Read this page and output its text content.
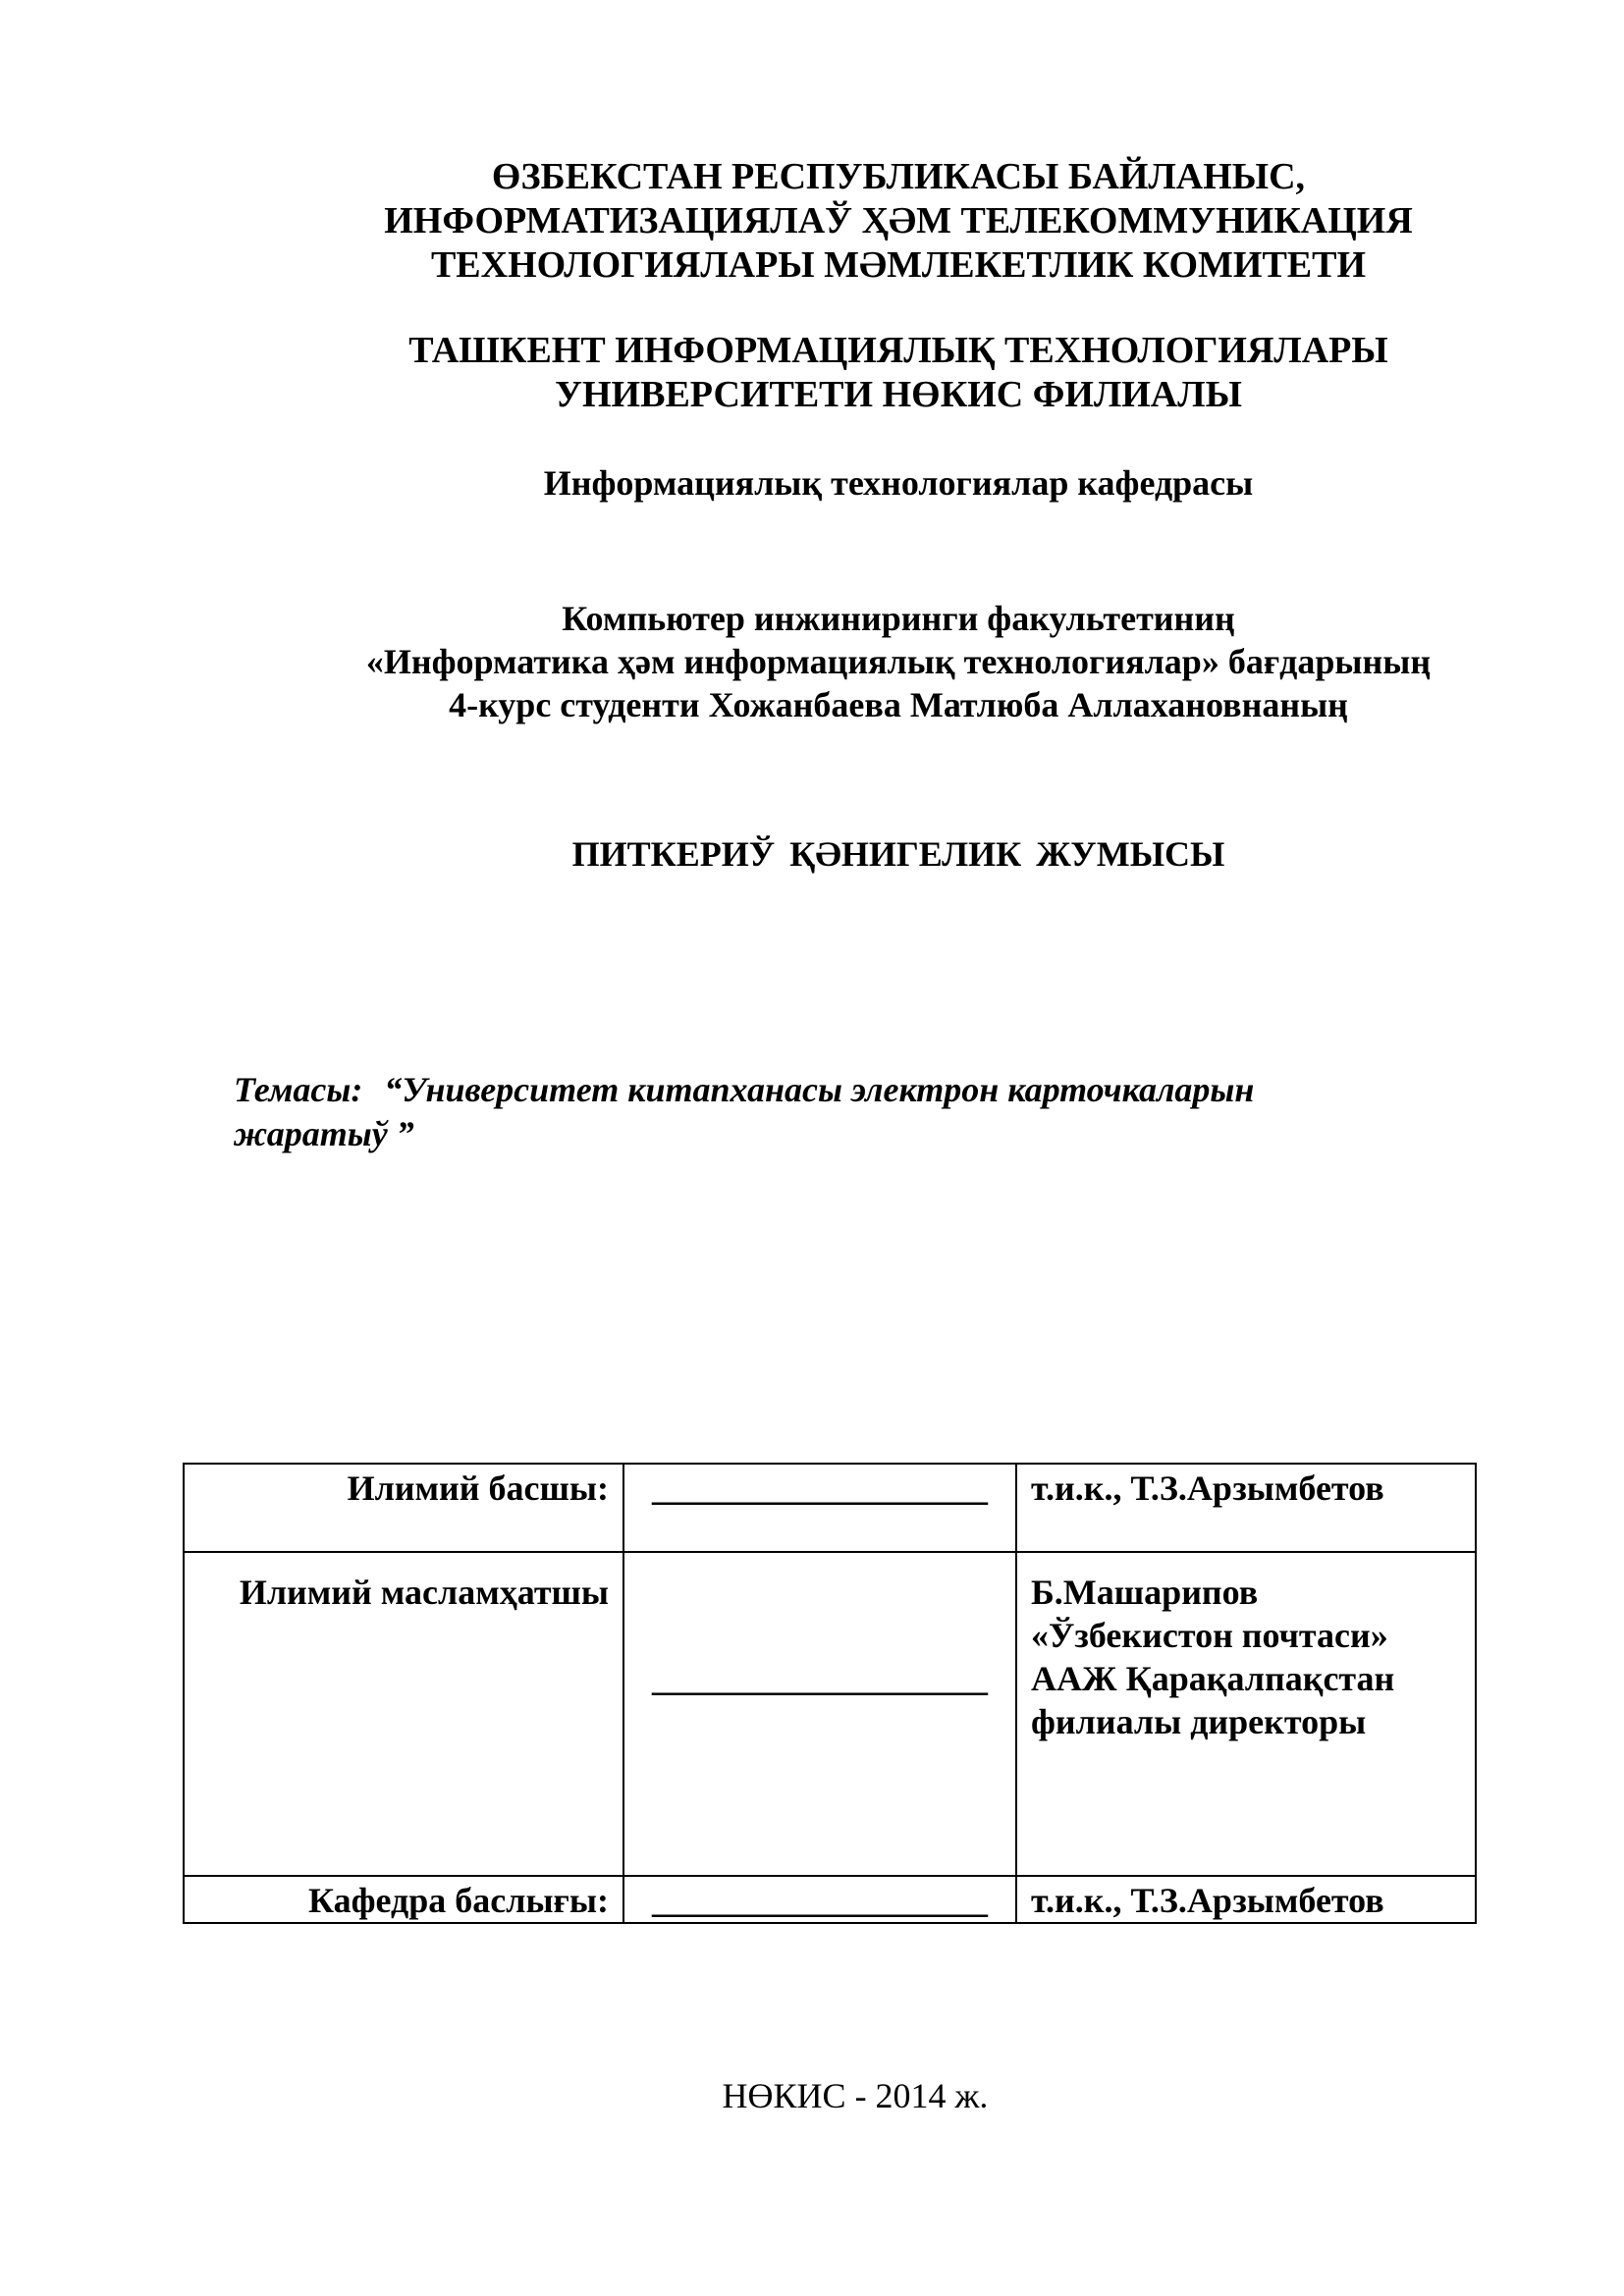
ӨЗБЕКСТАН РЕСПУБЛИКАСЫ БАЙЛАНЫС,
ИНФОРМАТИЗАЦИЯЛАЎ ҲӘМ ТЕЛЕКОММУНИКАЦИЯ
ТЕХНОЛОГИЯЛАРЫ МӘМЛЕКЕТЛИК КОМИТЕТИ
ТАШКЕНТ ИНФОРМАЦИЯЛЫҚ ТЕХНОЛОГИЯЛАРЫ
УНИВЕРСИТЕТИ НӨКИС ФИЛИАЛЫ
Информациялық технологиялар кафедрасы
Компьютер инжиниринги факультетиниң
«Информатика ҳәм информациялық технологиялар» бағдарының
4-курс студенти Хожанбаева Матлюба Аллахановнаның
ПИТКЕРИЎ ҚӘНИГЕЛИК ЖУМЫСЫ
Темасы: “Университет китапханасы электрон карточкаларын
жаратыў ”
Илимий басшы:	___________________	т.и.к., Т.З.Арзымбетов

Илимий масламҳатшы	___________________	Б.Машарипов
«Ўзбекистон почтаси»
ААЖ Қарақалпақстан
филиалы директоры

Кафедра баслығы:	___________________	т.и.к., Т.З.Арзымбетов
НӨКИС - 2014 ж.
